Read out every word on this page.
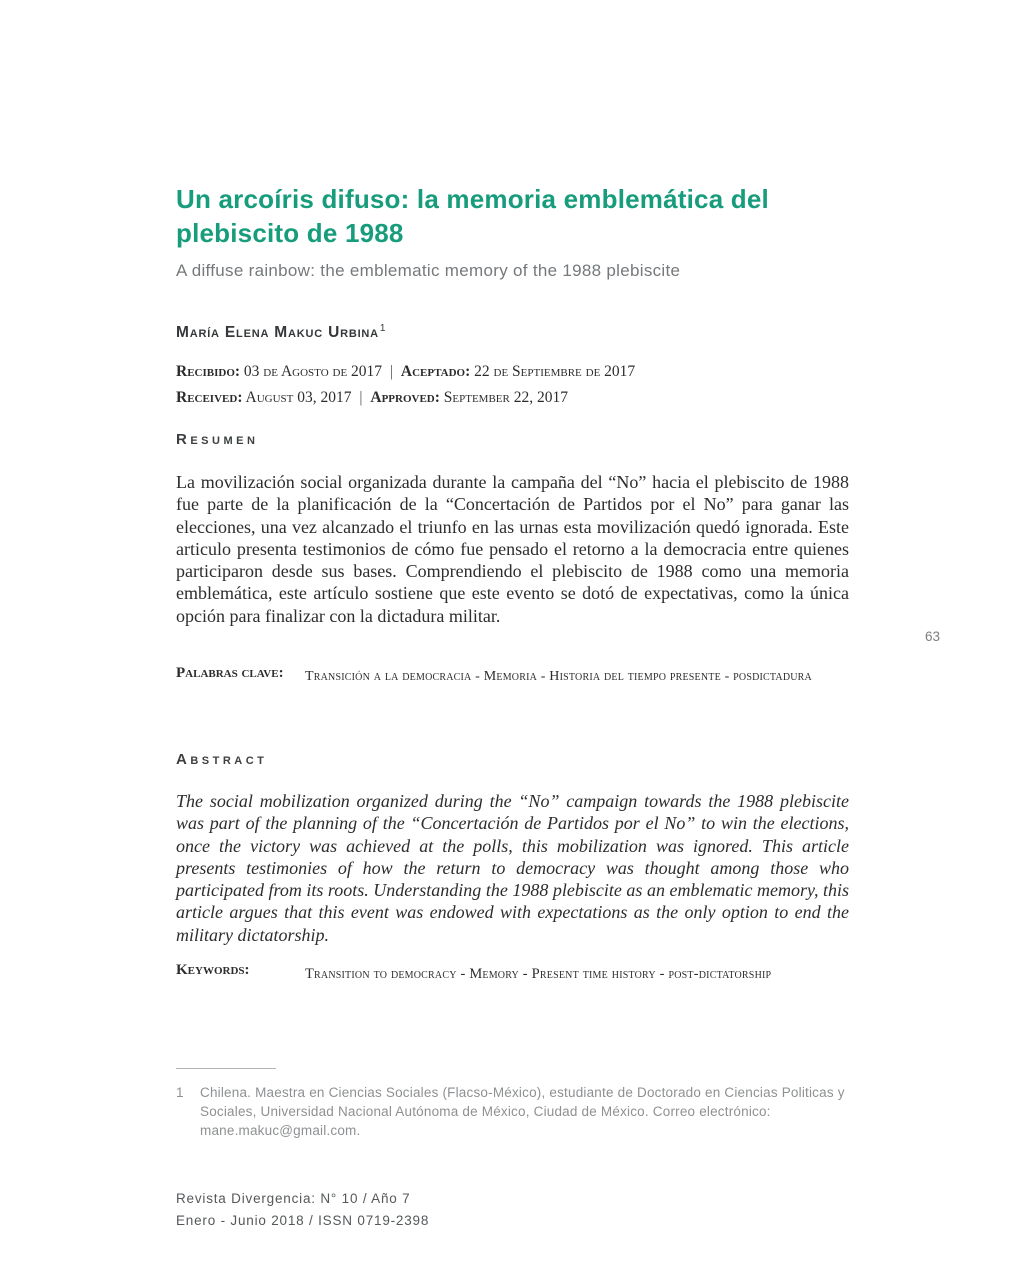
Un arcoíris difuso: la memoria emblemática del plebiscito de 1988
A diffuse rainbow: the emblematic memory of the 1988 plebiscite
María Elena Makuc Urbina$^1$
Recibido: 03 de Agosto de 2017 | Aceptado: 22 de Septiembre de 2017
Received: August 03, 2017 | Approved: September 22, 2017
Resumen

La movilización social organizada durante la campaña del “No” hacia el plebiscito de 1988 fue parte de la planificación de la “Concertación de Partidos por el No” para ganar las elecciones, una vez alcanzado el triunfo en las urnas esta movilización quedó ignorada. Este articulo presenta testimonios de cómo fue pensado el retorno a la democracia entre quienes participaron desde sus bases. Comprendiendo el plebiscito de 1988 como una memoria emblemática, este artículo sostiene que este evento se dotó de expectativas, como la única opción para finalizar con la dictadura militar.

Palabras clave:	Transición a la democracia - Memoria - Historia del tiempo presente - posdictadura
Abstract

The social mobilization organized during the “No” campaign towards the 1988 plebiscite was part of the planning of the “Concertación de Partidos por el No” to win the elections, once the victory was achieved at the polls, this mobilization was ignored. This article presents testimonies of how the return to democracy was thought among those who participated from its roots. Understanding the 1988 plebiscite as an emblematic memory, this article argues that this event was endowed with expectations as the only option to end the military dictatorship.

Keywords:	Transition to democracy - Memory - Present time history - post-dictatorship
1	Chilena. Maestra en Ciencias Sociales (Flacso-México), estudiante de Doctorado en Ciencias Politicas y Sociales, Universidad Nacional Autónoma de México, Ciudad de México. Correo electrónico: mane.makuc@gmail.com.
Revista Divergencia: N° 10 / Año 7
Enero - Junio 2018 / ISSN 0719-2398
63
